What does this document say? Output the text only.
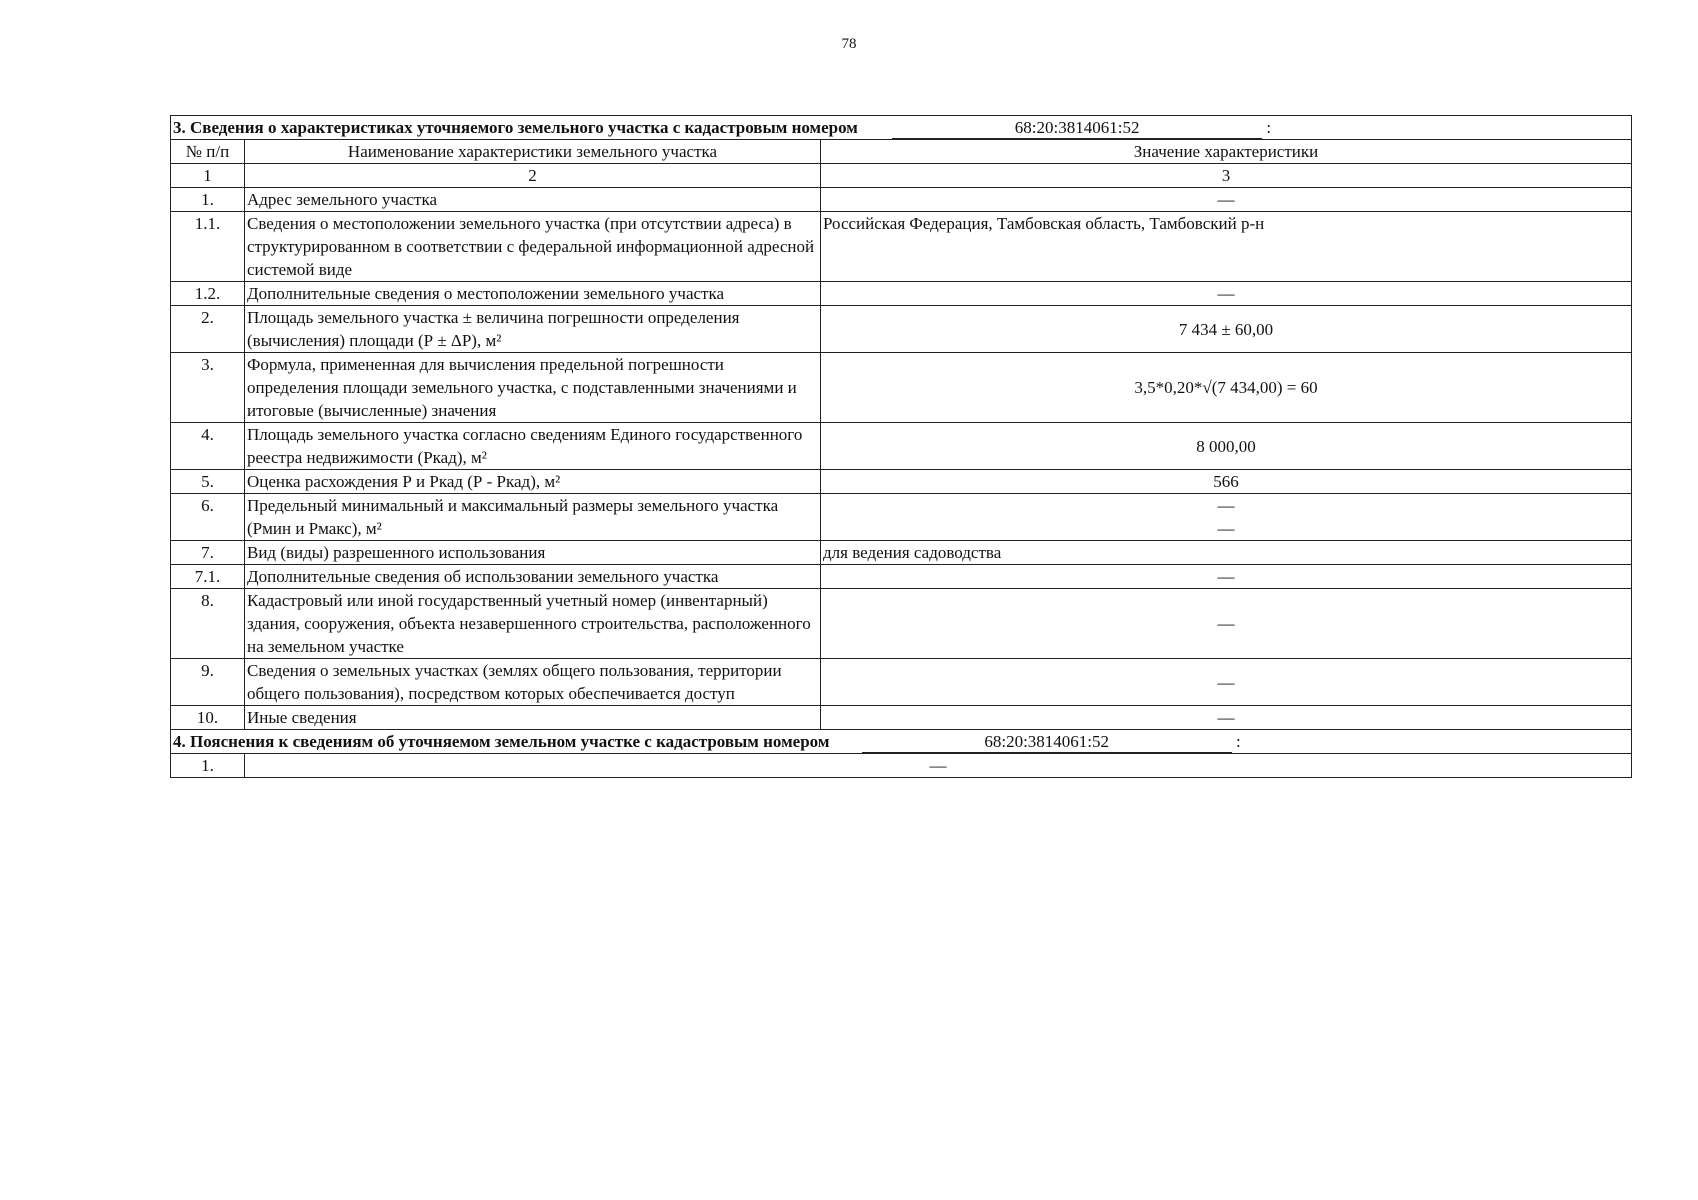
78
3. Сведения о характеристиках уточняемого земельного участка с кадастровым номером 68:20:3814061:52 :		
№ п/п	Наименование характеристики земельного участка	Значение характеристики
1	2	3
1.	Адрес земельного участка	—
1.1.	Сведения о местоположении земельного участка (при отсутствии адреса) в структурированном в соответствии с федеральной информационной адресной системой виде	Российская Федерация, Тамбовская область, Тамбовский р-н
1.2.	Дополнительные сведения о местоположении земельного участка	—
2.	Площадь земельного участка ± величина погрешности определения (вычисления) площади (Р ± ΔР), м²	7 434 ± 60,00
3.	Формула, примененная для вычисления предельной погрешности определения площади земельного участка, с подставленными значениями и итоговые (вычисленные) значения	3,5*0,20*√(7 434,00) = 60
4.	Площадь земельного участка согласно сведениям Единого государственного реестра недвижимости (Ркад), м²	8 000,00
5.	Оценка расхождения Р и Ркад (Р - Ркад), м²	566
6.	Предельный минимальный и максимальный размеры земельного участка (Рмин и Рмакс), м²	—
—

7.	Вид (виды) разрешенного использования	для ведения садоводства
7.1.	Дополнительные сведения об использовании земельного участка	—
8.	Кадастровый или иной государственный учетный номер (инвентарный) здания, сооружения, объекта незавершенного строительства, расположенного на земельном участке	—
9.	Сведения о земельных участках (землях общего пользования, территории общего пользования), посредством которых обеспечивается доступ	—
10.	Иные сведения	—
4. Пояснения к сведениям об уточняемом земельном участке с кадастровым номером 68:20:3814061:52 :		
1.	—	
